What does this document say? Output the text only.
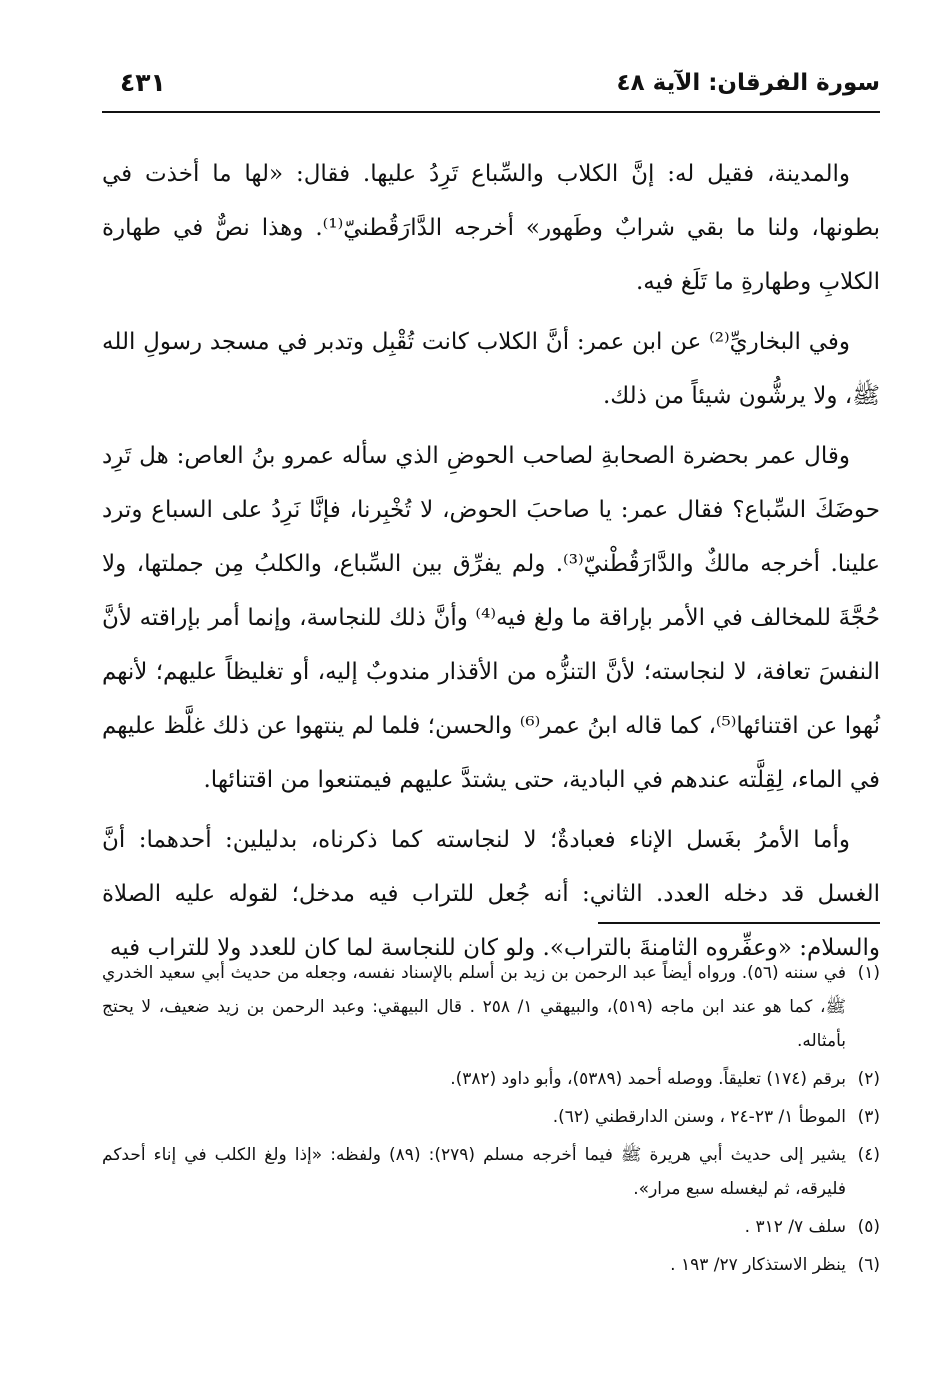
سورة الفرقان: الآية ٤٨
٤٣١

والمدينة، فقيل له: إنَّ الكلاب والسِّباع تَرِدُ عليها. فقال: «لها ما أخذت في بطونها، ولنا ما بقي شرابٌ وطَهور» أخرجه الدَّارَقُطنيّ⁽¹⁾. وهذا نصٌّ في طهارة الكلابِ وطهارةِ ما تَلَغ فيه.

وفي البخاريِّ⁽²⁾ عن ابن عمر: أنَّ الكلاب كانت تُقْبِل وتدبر في مسجد رسولِ الله ﷺ، ولا يرشُّون شيئاً من ذلك.

وقال عمر بحضرة الصحابةِ لصاحب الحوضِ الذي سأله عمرو بنُ العاص: هل تَرِد حوضَكَ السِّباع؟ فقال عمر: يا صاحبَ الحوض، لا تُخْبِرنا، فإنَّا نَرِدُ على السباع وترد علينا. أخرجه مالكٌ والدَّارَقُطْنيّ⁽³⁾. ولم يفرِّق بين السِّباع، والكلبُ مِن جملتها، ولا حُجَّةَ للمخالف في الأمر بإراقة ما ولغ فيه⁽⁴⁾ وأنَّ ذلك للنجاسة، وإنما أمر بإراقته لأنَّ النفسَ تعافة، لا لنجاسته؛ لأنَّ التنزُّه من الأقذار مندوبٌ إليه، أو تغليظاً عليهم؛ لأنهم نُهوا عن اقتنائها⁽⁵⁾، كما قاله ابنُ عمر⁽⁶⁾ والحسن؛ فلما لم ينتهوا عن ذلك غلَّظ عليهم في الماء، لِقِلَّته عندهم في البادية، حتى يشتدَّ عليهم فيمتنعوا من اقتنائها.

وأما الأمرُ بغَسل الإناء فعبادةٌ؛ لا لنجاسته كما ذكرناه، بدليلين: أحدهما: أنَّ الغسل قد دخله العدد. الثاني: أنه جُعل للتراب فيه مدخل؛ لقوله عليه الصلاة والسلام: «وعفِّروه الثامنةَ بالتراب». ولو كان للنجاسة لما كان للعدد ولا للتراب فيه

(١)
في سننه (٥٦). ورواه أيضاً عبد الرحمن بن زيد بن أسلم بالإسناد نفسه، وجعله من حديث أبي سعيد الخدري ﷺ، كما هو عند ابن ماجه (٥١٩)، والبيهقي ١/ ٢٥٨ . قال البيهقي: وعبد الرحمن بن زيد ضعيف، لا يحتج بأمثاله.
(٢)
برقم (١٧٤) تعليقاً. ووصله أحمد (٥٣٨٩)، وأبو داود (٣٨٢).
(٣)
الموطأ ١/ ٢٣-٢٤ ، وسنن الدارقطني (٦٢).
(٤)
يشير إلى حديث أبي هريرة ﷺ فيما أخرجه مسلم (٢٧٩): (٨٩) ولفظه: «إذا ولغ الكلب في إناء أحدكم فليرقه، ثم ليغسله سبع مرار».
(٥)
سلف ٧/ ٣١٢ .
(٦)
ينظر الاستذكار ٢٧/ ١٩٣ .
